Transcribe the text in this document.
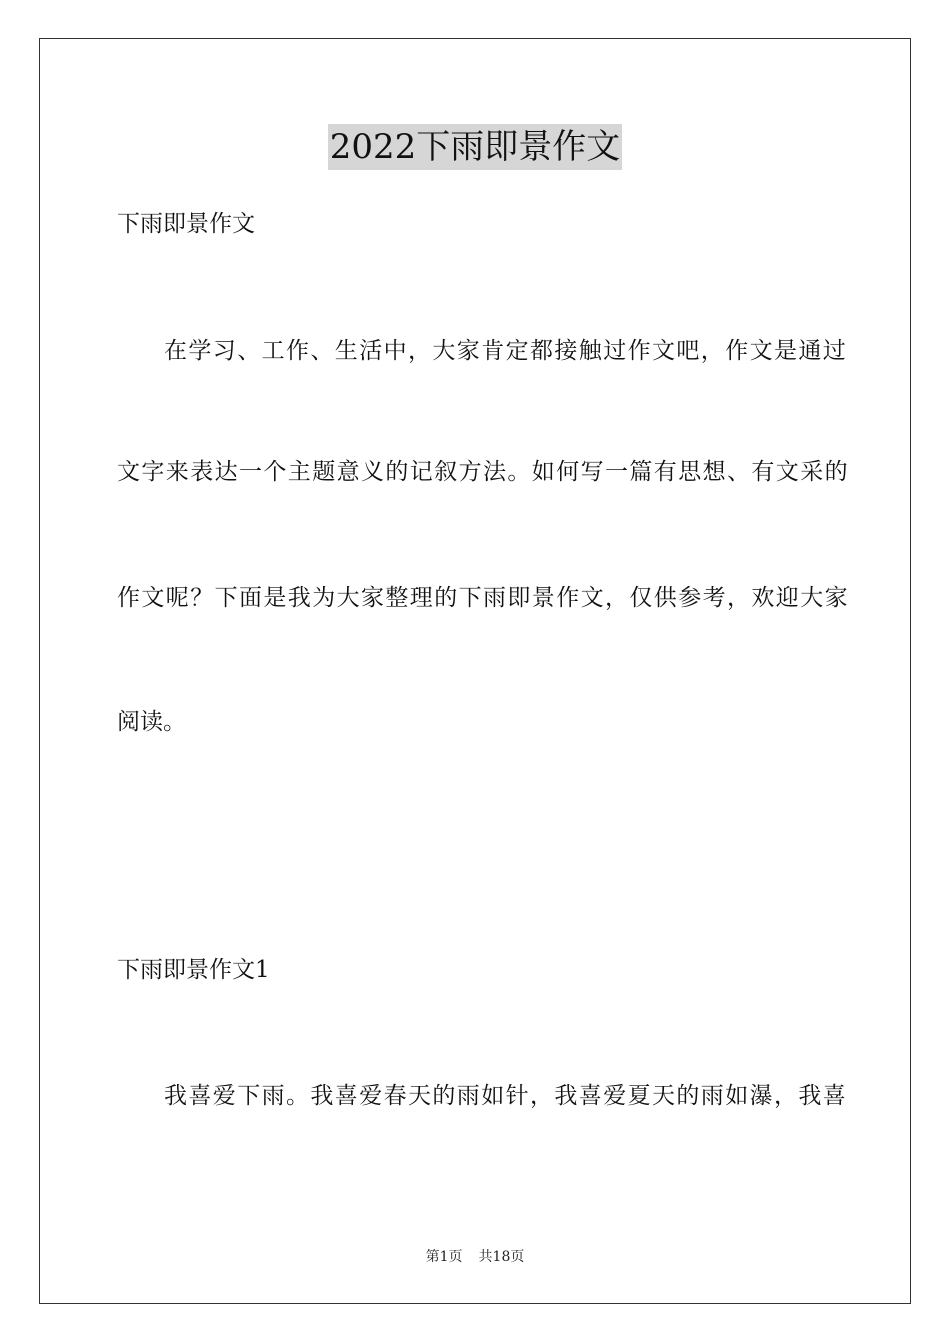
2022下雨即景作文
下雨即景作文
在学习、工作、生活中，大家肯定都接触过作文吧，作文是通过
文字来表达一个主题意义的记叙方法。如何写一篇有思想、有文采的
作文呢？下面是我为大家整理的下雨即景作文，仅供参考，欢迎大家
阅读。
下雨即景作文1
我喜爱下雨。我喜爱春天的雨如针，我喜爱夏天的雨如瀑，我喜
第1页 共18页
